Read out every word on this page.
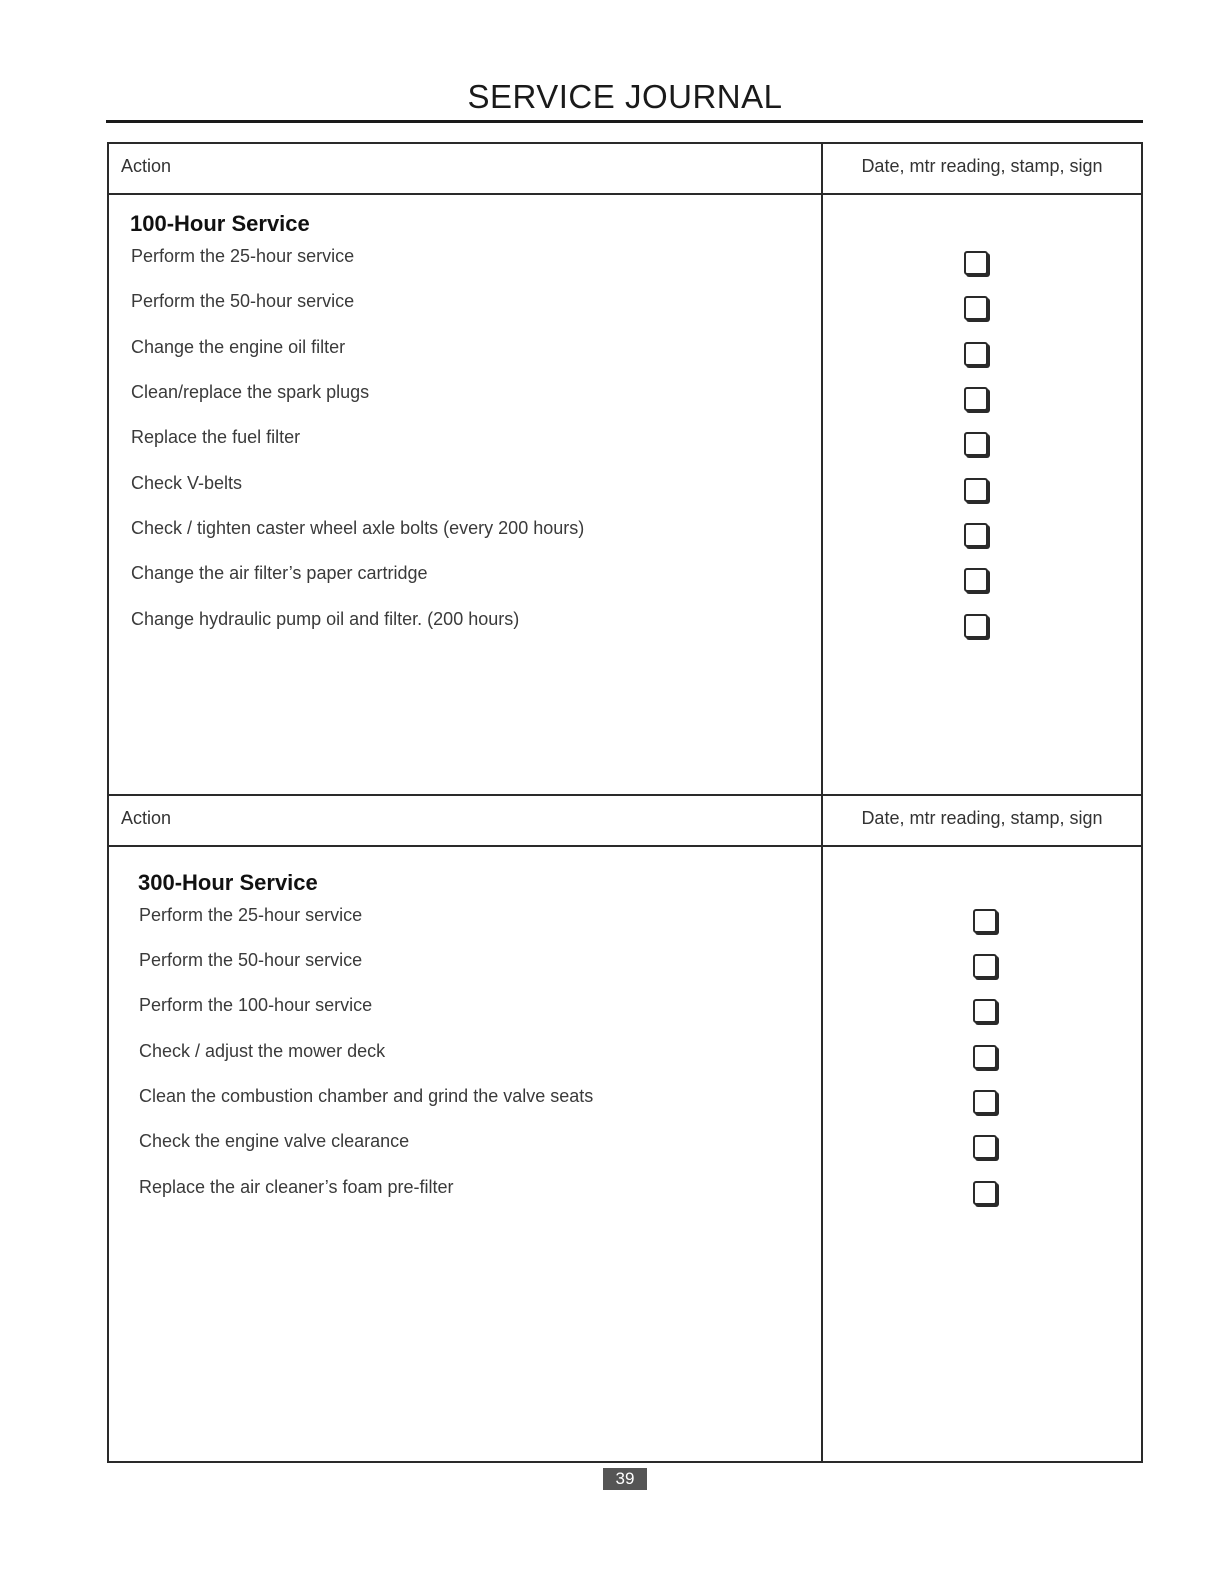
SERVICE JOURNAL
Action	Date, mtr reading, stamp, sign
100-Hour Service
Perform the 25-hour service
Perform the 50-hour service
Change the engine oil filter
Clean/replace the spark plugs
Replace the fuel filter
Check V-belts
Check / tighten caster wheel axle bolts (every 200 hours)
Change the air filter’s paper cartridge
Change hydraulic pump oil and filter. (200 hours)
Action	Date, mtr reading, stamp, sign
300-Hour Service
Perform the 25-hour service
Perform the 50-hour service
Perform the 100-hour service
Check / adjust the mower deck
Clean the combustion chamber and grind the valve seats
Check the engine valve clearance
Replace the air cleaner’s foam pre-filter
39
